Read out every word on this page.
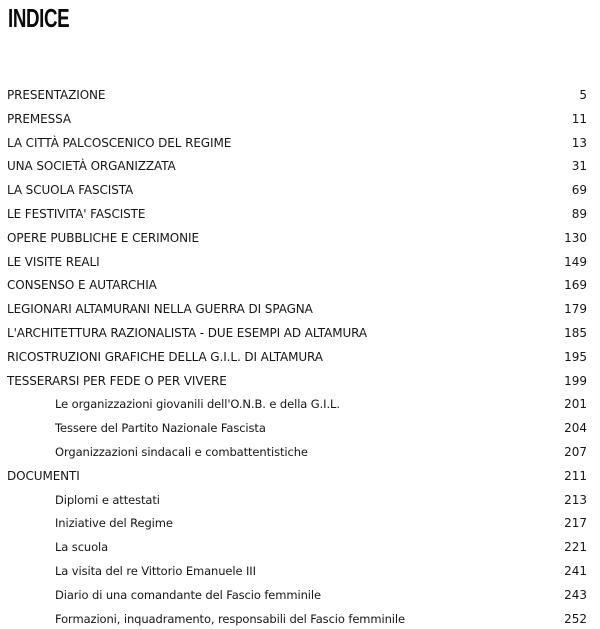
INDICE
PRESENTAZIONE	5
PREMESSA	11
LA CITTÀ PALCOSCENICO DEL REGIME	13
UNA SOCIETÀ ORGANIZZATA	31
LA SCUOLA FASCISTA	69
LE FESTIVITA' FASCISTE	89
OPERE PUBBLICHE E CERIMONIE	130
LE VISITE REALI	149
CONSENSO E AUTARCHIA	169
LEGIONARI ALTAMURANI NELLA GUERRA DI SPAGNA	179
L'ARCHITETTURA RAZIONALISTA - DUE ESEMPI AD ALTAMURA	185
RICOSTRUZIONI GRAFICHE DELLA G.I.L. DI ALTAMURA	195
TESSERARSI PER FEDE O PER VIVERE	199
Le organizzazioni giovanili dell'O.N.B. e della G.I.L.	201
Tessere del Partito Nazionale Fascista	204
Organizzazioni sindacali e combattentistiche	207
DOCUMENTI	211
Diplomi e attestati	213
Iniziative del Regime	217
La scuola	221
La visita del re Vittorio Emanuele III	241
Diario di una comandante del Fascio femminile	243
Formazioni, inquadramento, responsabili del Fascio femminile	252
